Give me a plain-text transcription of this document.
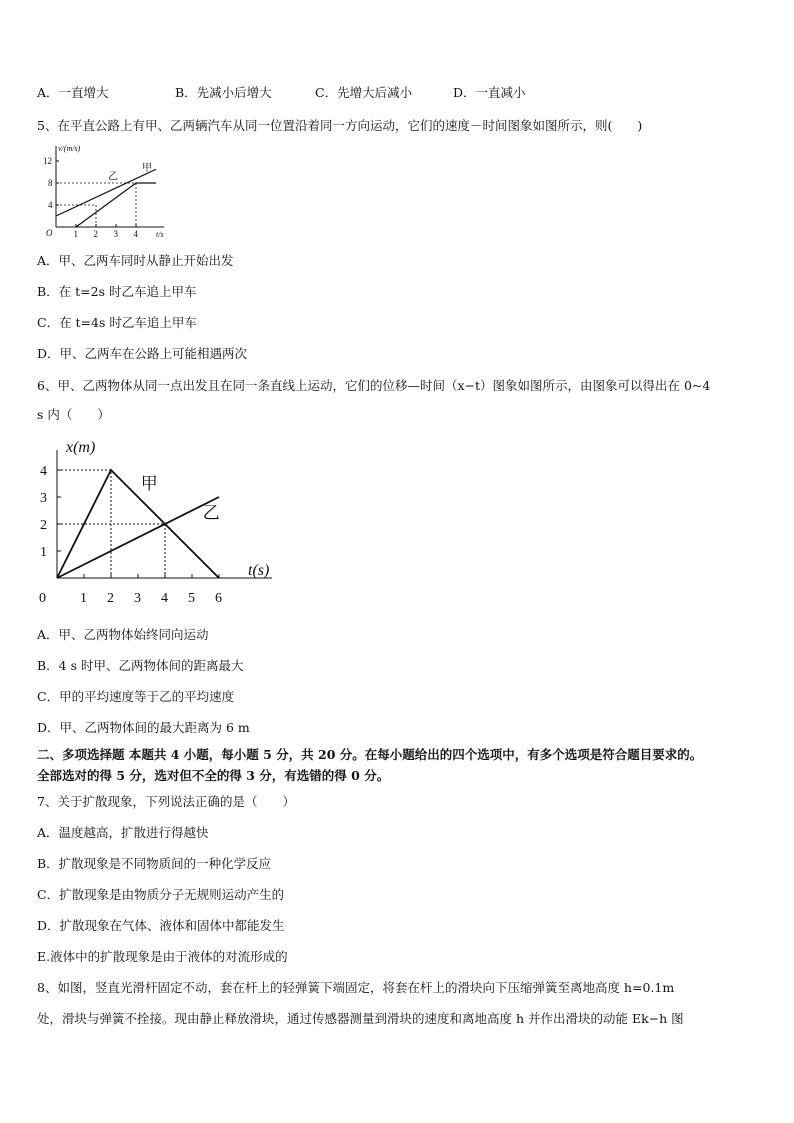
A．一直增大	B．先减小后增大	C．先增大后减小	D．一直减小
5、在平直公路上有甲、乙两辆汽车从同一位置沿着同一方向运动，它们的速度－时间图象如图所示，则(　　)
v/(m/s)
t/s
O 1 2 3 4
4
8
12
甲
乙
A．甲、乙两车同时从静止开始出发
B．在 t=2s 时乙车追上甲车
C．在 t=4s 时乙车追上甲车
D．甲、乙两车在公路上可能相遇两次
6、甲、乙两物体从同一点出发且在同一条直线上运动，它们的位移—时间（x−t）图象如图所示，由图象可以得出在 0~4
s 内（　　）
x(m)
t(s)
0 1 2 3 4 5 6
1
2
3
4
甲
乙
A．甲、乙两物体始终同向运动
B．4 s 时甲、乙两物体间的距离最大
C．甲的平均速度等于乙的平均速度
D．甲、乙两物体间的最大距离为 6 m
二、多项选择题 本题共 4 小题，每小题 5 分，共 20 分。在每小题给出的四个选项中，有多个选项是符合题目要求的。
全部选对的得 5 分，选对但不全的得 3 分，有选错的得 0 分。
7、关于扩散现象，下列说法正确的是（　　）
A．温度越高，扩散进行得越快
B．扩散现象是不同物质间的一种化学反应
C．扩散现象是由物质分子无规则运动产生的
D．扩散现象在气体、液体和固体中都能发生
E.液体中的扩散现象是由于液体的对流形成的
8、如图，竖直光滑杆固定不动，套在杆上的轻弹簧下端固定，将套在杆上的滑块向下压缩弹簧至离地高度 h=0.1m
处，滑块与弹簧不拴接。现由静止释放滑块，通过传感器测量到滑块的速度和离地高度 h 并作出滑块的动能 Ek−h 图
